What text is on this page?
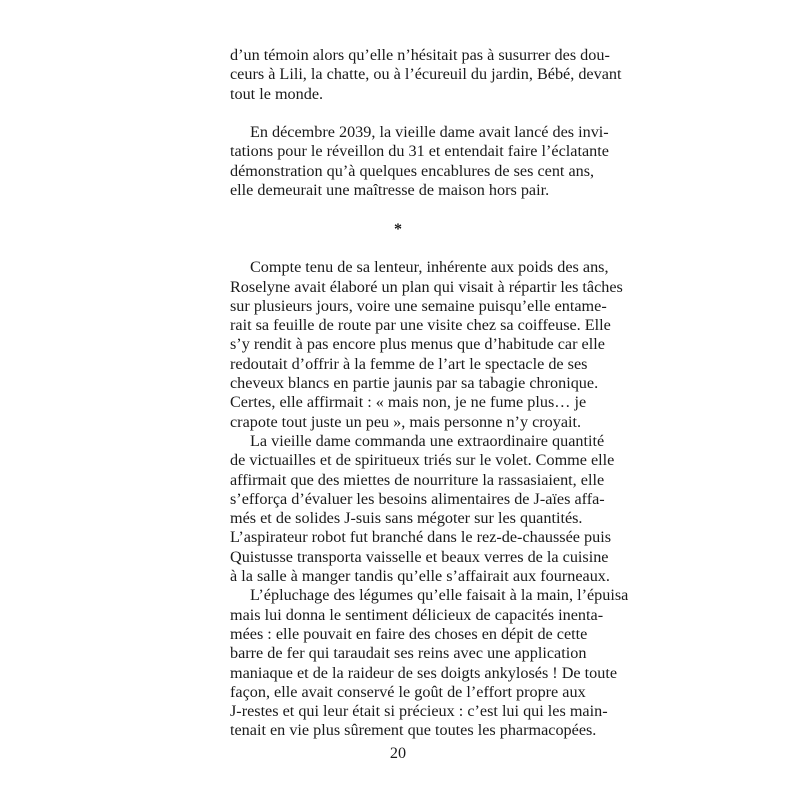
d’un témoin alors qu’elle n’hésitait pas à susurrer des dou-
ceurs à Lili, la chatte, ou à l’écureuil du jardin, Bébé, devant
tout le monde.
En décembre 2039, la vieille dame avait lancé des invi-
tations pour le réveillon du 31 et entendait faire l’éclatante
démonstration qu’à quelques encablures de ses cent ans,
elle demeurait une maîtresse de maison hors pair.
*
Compte tenu de sa lenteur, inhérente aux poids des ans,
Roselyne avait élaboré un plan qui visait à répartir les tâches
sur plusieurs jours, voire une semaine puisqu’elle entame-
rait sa feuille de route par une visite chez sa coiffeuse. Elle
s’y rendit à pas encore plus menus que d’habitude car elle
redoutait d’offrir à la femme de l’art le spectacle de ses
cheveux blancs en partie jaunis par sa tabagie chronique.
Certes, elle affirmait : « mais non, je ne fume plus… je
crapote tout juste un peu », mais personne n’y croyait.
La vieille dame commanda une extraordinaire quantité
de victuailles et de spiritueux triés sur le volet. Comme elle
affirmait que des miettes de nourriture la rassasiaient, elle
s’efforça d’évaluer les besoins alimentaires de J-aïes affa-
més et de solides J-suis sans mégoter sur les quantités.
L’aspirateur robot fut branché dans le rez-de-chaussée puis
Quistusse transporta vaisselle et beaux verres de la cuisine
à la salle à manger tandis qu’elle s’affairait aux fourneaux.
L’épluchage des légumes qu’elle faisait à la main, l’épuisa
mais lui donna le sentiment délicieux de capacités inenta-
mées : elle pouvait en faire des choses en dépit de cette
barre de fer qui taraudait ses reins avec une application
maniaque et de la raideur de ses doigts ankylosés ! De toute
façon, elle avait conservé le goût de l’effort propre aux
J-restes et qui leur était si précieux : c’est lui qui les main-
tenait en vie plus sûrement que toutes les pharmacopées.
20
